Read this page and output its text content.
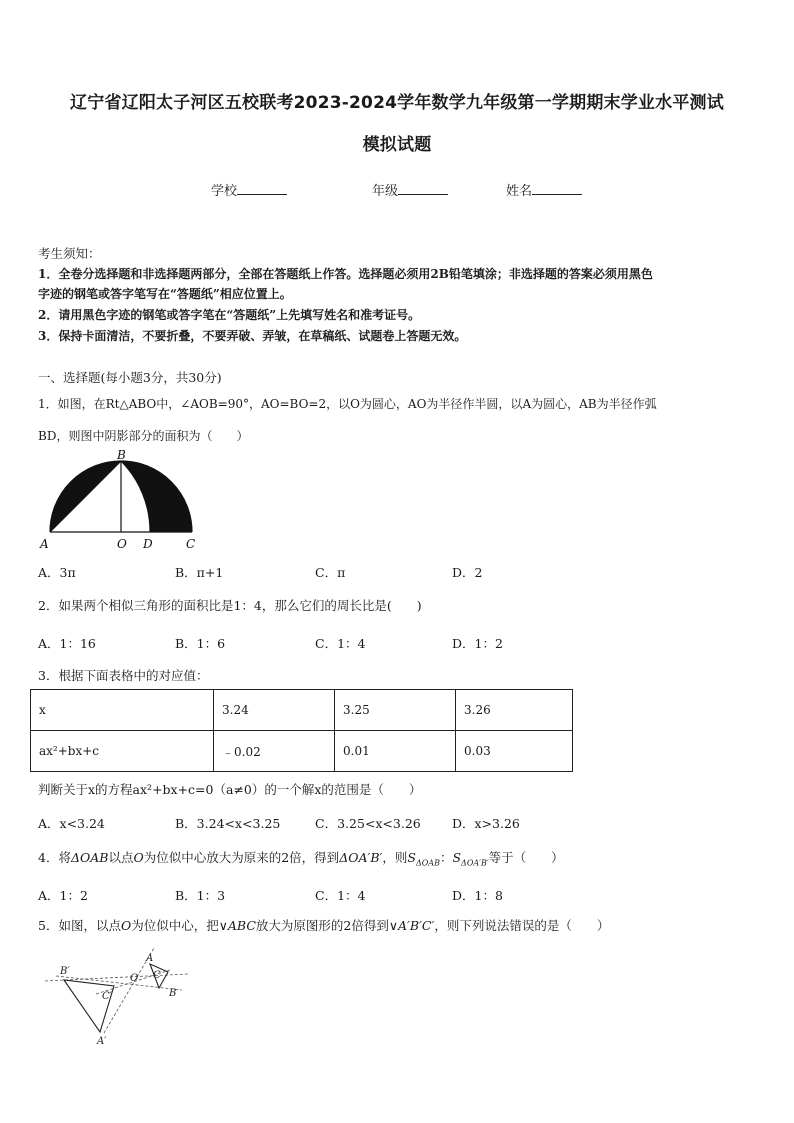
辽宁省辽阳太子河区五校联考2023-2024学年数学九年级第一学期期末学业水平测试
模拟试题
学校	年级	姓名
考生须知：
1．全卷分选择题和非选择题两部分，全部在答题纸上作答。选择题必须用2B铅笔填涂；非选择题的答案必须用黑色
字迹的钢笔或答字笔写在“答题纸”相应位置上。
2．请用黑色字迹的钢笔或答字笔在“答题纸”上先填写姓名和准考证号。
3．保持卡面清洁，不要折叠，不要弄破、弄皱，在草稿纸、试题卷上答题无效。
一、选择题(每小题3分，共30分)
1．如图，在Rt△ABO中，∠AOB=90°，AO=BO=2，以O为圆心，AO为半径作半圆，以A为圆心，AB为半径作弧
BD，则图中阴影部分的面积为（　　）
A	O D	C
B
A．3π	B．π+1	C．π	D．2
2．如果两个相似三角形的面积比是1：4，那么它们的周长比是(　　)
A．1：16	B．1：6	C．1：4	D．1：2
3．根据下面表格中的对应值：
x	3.24	3.25	3.26
ax²+bx+c	﹣0.02	0.01	0.03
判断关于x的方程ax²+bx+c=0（a≠0）的一个解x的范围是（　　）
A．x<3.24	B．3.24<x<3.25	C．3.25<x<3.26	D．x>3.26
4．将ΔOAB以点O为位似中心放大为原来的2倍，得到ΔOA′B′，则$S_{\Delta OAB}$：$S_{\Delta OA'B'}$等于（　　）
A．1：2	B．1：3	C．1：4	D．1：8
5．如图，以点O为位似中心，把∨ABC放大为原图形的2倍得到∨A′B′C′，则下列说法错误的是（　　）
B′
C′
A′
O
A
C
B
